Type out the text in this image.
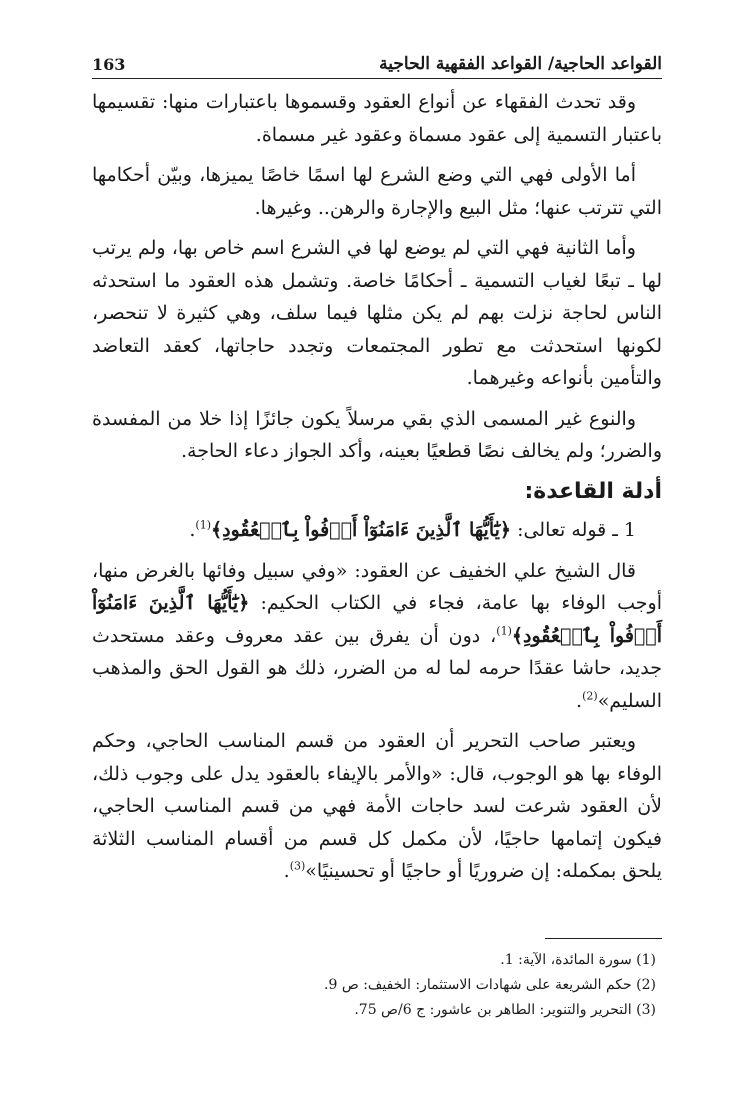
القواعد الحاجية/ القواعد الفقهية الحاجية
163

وقد تحدث الفقهاء عن أنواع العقود وقسموها باعتبارات منها: تقسيمها باعتبار التسمية إلى عقود مسماة وعقود غير مسماة.

أما الأولى فهي التي وضع الشرع لها اسمًا خاصًا يميزها، وبيّن أحكامها التي تترتب عنها؛ مثل البيع والإجارة والرهن.. وغيرها.

وأما الثانية فهي التي لم يوضع لها في الشرع اسم خاص بها، ولم يرتب لها ـ تبعًا لغياب التسمية ـ أحكامًا خاصة. وتشمل هذه العقود ما استحدثه الناس لحاجة نزلت بهم لم يكن مثلها فيما سلف، وهي كثيرة لا تنحصر، لكونها استحدثت مع تطور المجتمعات وتجدد حاجاتها، كعقد التعاضد والتأمين بأنواعه وغيرهما.

والنوع غير المسمى الذي بقي مرسلاً يكون جائزًا إذا خلا من المفسدة والضرر؛ ولم يخالف نصًا قطعيًا بعينه، وأكد الجواز دعاء الحاجة.

أدلة القاعدة:

1 ـ قوله تعالى: ﴿يَٰٓأَيُّهَا ٱلَّذِينَ ءَامَنُوٓاْ أَوۡفُواْ بِٱلۡعُقُودِ﴾$^{(1)}$.

قال الشيخ علي الخفيف عن العقود: «وفي سبيل وفائها بالغرض منها، أوجب الوفاء بها عامة، فجاء في الكتاب الحكيم: ﴿يَٰٓأَيُّهَا ٱلَّذِينَ ءَامَنُوٓاْ أَوۡفُواْ بِٱلۡعُقُودِ﴾$^{(1)}$، دون أن يفرق بين عقد معروف وعقد مستحدث جديد، حاشا عقدًا حرمه لما له من الضرر، ذلك هو القول الحق والمذهب السليم»$^{(2)}$.

ويعتبر صاحب التحرير أن العقود من قسم المناسب الحاجي، وحكم الوفاء بها هو الوجوب، قال: «والأمر بالإيفاء بالعقود يدل على وجوب ذلك، لأن العقود شرعت لسد حاجات الأمة فهي من قسم المناسب الحاجي، فيكون إتمامها حاجيًا، لأن مكمل كل قسم من أقسام المناسب الثلاثة يلحق بمكمله: إن ضروريًا أو حاجيًا أو تحسينيًا»$^{(3)}$.

(1) سورة المائدة، الآية: 1.
(2) حكم الشريعة على شهادات الاستثمار: الخفيف: ص 9.
(3) التحرير والتنوير: الطاهر بن عاشور: ج 6/ص 75.
